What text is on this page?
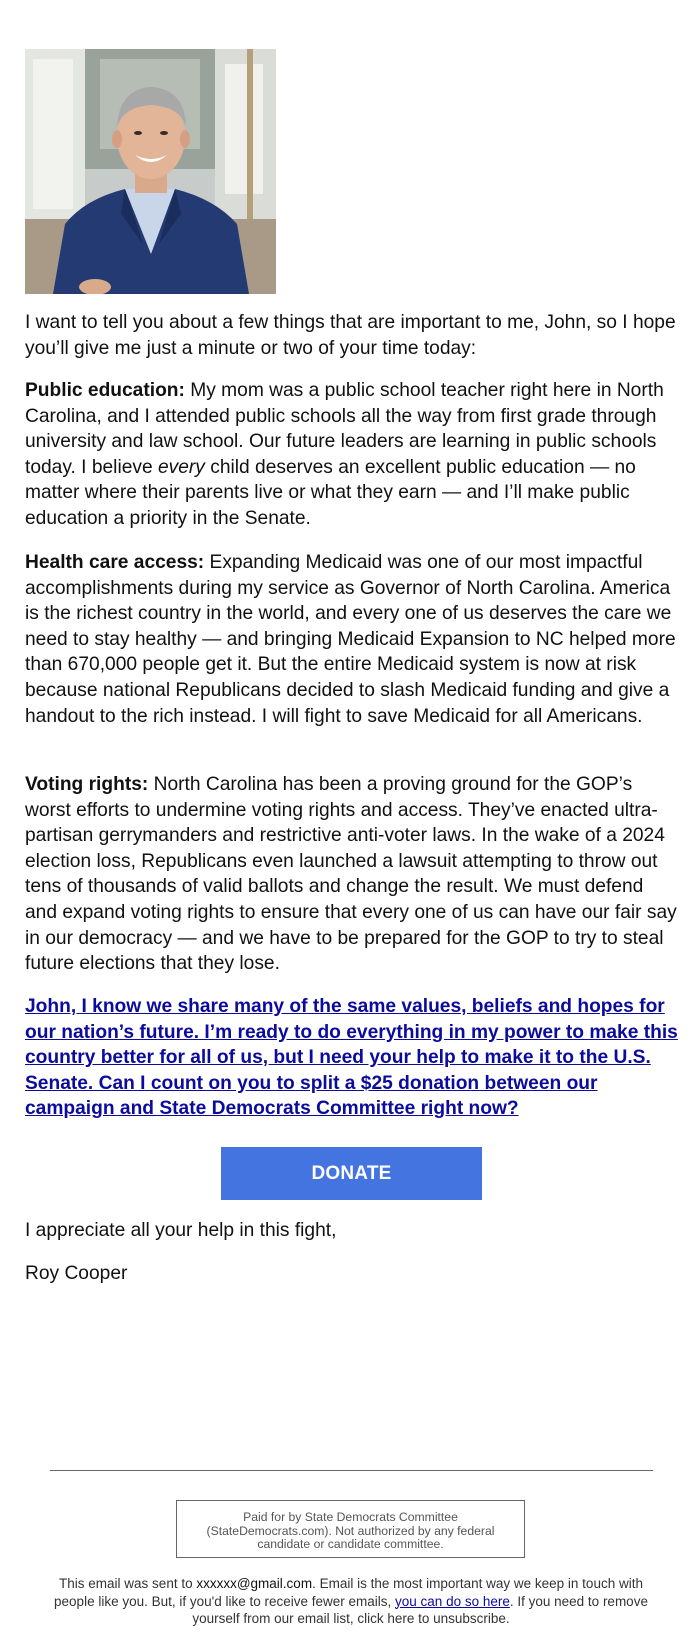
I want to tell you about a few things that are important to me, John, so I hope you’ll give me just a minute or two of your time today:

Public education: My mom was a public school teacher right here in North Carolina, and I attended public schools all the way from first grade through university and law school. Our future leaders are learning in public schools today. I believe every child deserves an excellent public education — no matter where their parents live or what they earn — and I’ll make public education a priority in the Senate.

Health care access: Expanding Medicaid was one of our most impactful accomplishments during my service as Governor of North Carolina. America is the richest country in the world, and every one of us deserves the care we need to stay healthy — and bringing Medicaid Expansion to NC helped more than 670,000 people get it. But the entire Medicaid system is now at risk because national Republicans decided to slash Medicaid funding and give a handout to the rich instead. I will fight to save Medicaid for all Americans.

Voting rights: North Carolina has been a proving ground for the GOP’s worst efforts to undermine voting rights and access. They’ve enacted ultra-partisan gerrymanders and restrictive anti-voter laws. In the wake of a 2024 election loss, Republicans even launched a lawsuit attempting to throw out tens of thousands of valid ballots and change the result. We must defend and expand voting rights to ensure that every one of us can have our fair say in our democracy — and we have to be prepared for the GOP to try to steal future elections that they lose.

John, I know we share many of the same values, beliefs and hopes for our nation’s future. I’m ready to do everything in my power to make this country better for all of us, but I need your help to make it to the U.S. Senate. Can I count on you to split a $25 donation between our campaign and State Democrats Committee right now?

DONATE

I appreciate all your help in this fight,

Roy Cooper

Paid for by State Democrats Committee (StateDemocrats.com). Not authorized by any federal candidate or candidate committee.
This email was sent to xxxxxx@gmail.com. Email is the most important way we keep in touch with people like you. But, if you'd like to receive fewer emails, you can do so here. If you need to remove yourself from our email list, click here to unsubscribe.
